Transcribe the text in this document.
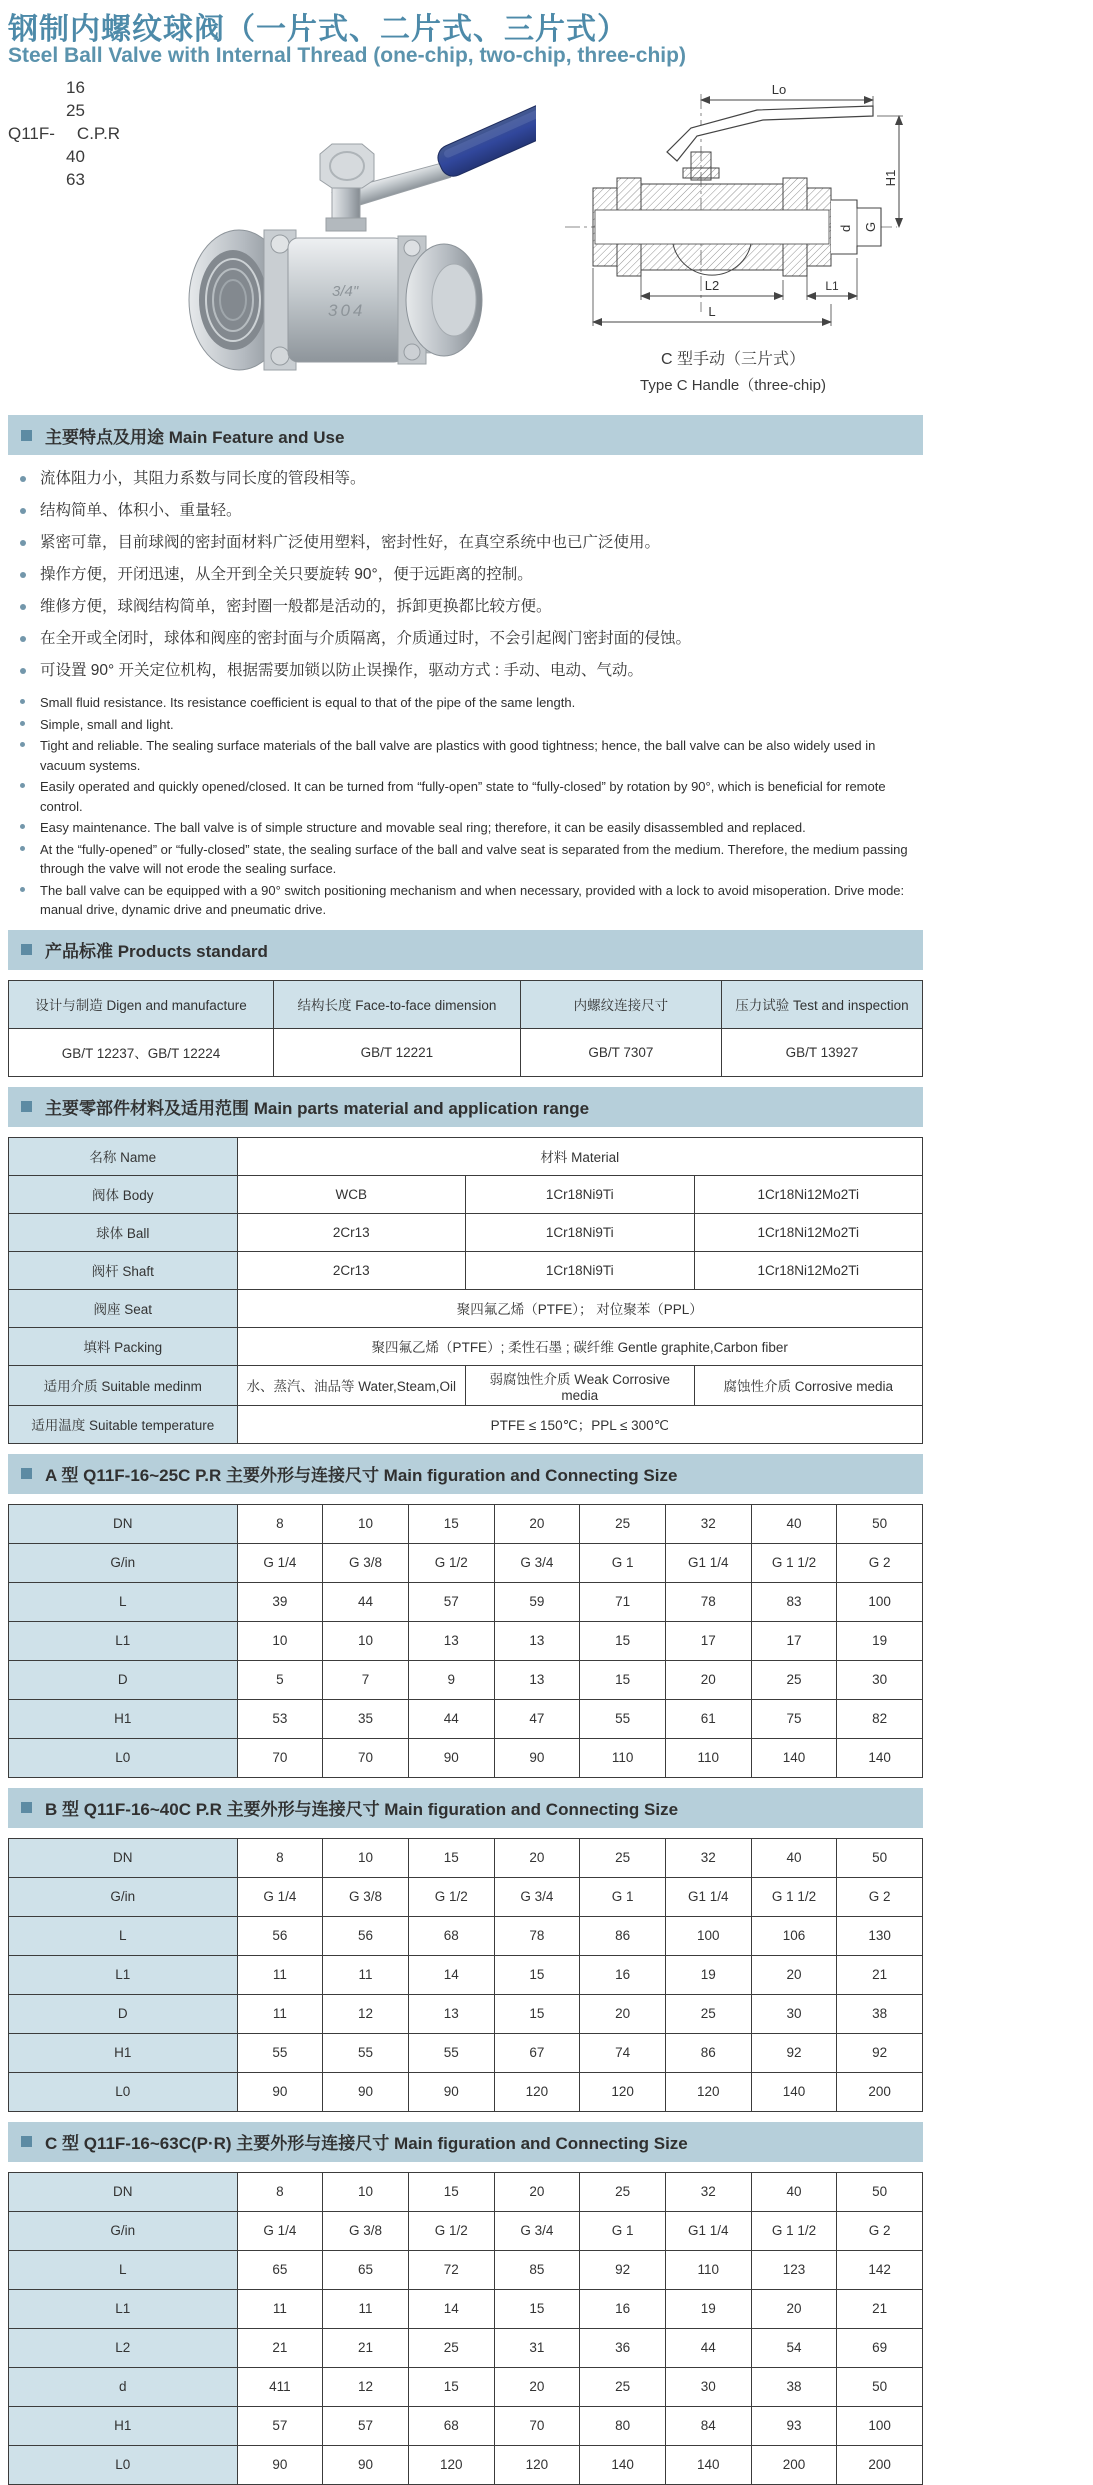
钢制内螺纹球阀（一片式、二片式、三片式）
Steel Ball Valve with Internal Thread (one-chip, two-chip, three-chip)
16
25
Q11F- C.P.R
40
63
3/4"
304
d G
Lo
H1
L2	L1
L
C 型手动（三片式）
Type C Handle（three-chip)
主要特点及用途 Main Feature and Use
流体阻力小，其阻力系数与同长度的管段相等。
结构简单、体积小、重量轻。
紧密可靠，目前球阀的密封面材料广泛使用塑料，密封性好，在真空系统中也已广泛使用。
操作方便，开闭迅速，从全开到全关只要旋转 90°，便于远距离的控制。
维修方便，球阀结构简单，密封圈一般都是活动的，拆卸更换都比较方便。
在全开或全闭时，球体和阀座的密封面与介质隔离，介质通过时，不会引起阀门密封面的侵蚀。
可设置 90° 开关定位机构，根据需要加锁以防止误操作，驱动方式 : 手动、电动、气动。
Small fluid resistance. Its resistance coefficient is equal to that of the pipe of the same length.
Simple, small and light.
Tight and reliable. The sealing surface materials of the ball valve are plastics with good tightness; hence, the ball valve can be also widely used in vacuum systems.
Easily operated and quickly opened/closed. It can be turned from “fully-open” state to “fully-closed” by rotation by 90°, which is beneficial for remote control.
Easy maintenance. The ball valve is of simple structure and movable seal ring; therefore, it can be easily disassembled and replaced.
At the “fully-opened” or “fully-closed” state, the sealing surface of the ball and valve seat is separated from the medium. Therefore, the medium passing through the valve will not erode the sealing surface.
The ball valve can be equipped with a 90° switch positioning mechanism and when necessary, provided with a lock to avoid misoperation. Drive mode: manual drive, dynamic drive and pneumatic drive.
产品标准 Products standard
设计与制造 Digen and manufacture	结构长度 Face-to-face dimension	内螺纹连接尺寸	压力试验 Test and inspection
GB/T 12237、GB/T 12224	GB/T 12221	GB/T 7307	GB/T 13927
主要零部件材料及适用范围 Main parts material and application range
名称 Name	材料 Material		
阀体 Body	WCB	1Cr18Ni9Ti	1Cr18Ni12Mo2Ti
球体 Ball	2Cr13	1Cr18Ni9Ti	1Cr18Ni12Mo2Ti
阀杆 Shaft	2Cr13	1Cr18Ni9Ti	1Cr18Ni12Mo2Ti
阀座 Seat	聚四氟乙烯（PTFE）； 对位聚苯（PPL）		
填料 Packing	聚四氟乙烯（PTFE）; 柔性石墨 ; 碳纤维 Gentle graphite,Carbon fiber		
适用介质 Suitable medinm	水、蒸汽、油品等 Water,Steam,Oil	弱腐蚀性介质 Weak Corrosive media	腐蚀性介质 Corrosive media
适用温度 Suitable temperature	PTFE ≤ 150℃；PPL ≤ 300℃		
A 型 Q11F-16~25C P.R 主要外形与连接尺寸 Main figuration and Connecting Size
DN	8	10	15	20	25	32	40	50
G/in	G 1/4	G 3/8	G 1/2	G 3/4	G 1	G1 1/4	G 1 1/2	G 2
L	39	44	57	59	71	78	83	100
L1	10	10	13	13	15	17	17	19
D	5	7	9	13	15	20	25	30
H1	53	35	44	47	55	61	75	82
L0	70	70	90	90	110	110	140	140
B 型 Q11F-16~40C P.R 主要外形与连接尺寸 Main figuration and Connecting Size
DN	8	10	15	20	25	32	40	50
G/in	G 1/4	G 3/8	G 1/2	G 3/4	G 1	G1 1/4	G 1 1/2	G 2
L	56	56	68	78	86	100	106	130
L1	11	11	14	15	16	19	20	21
D	11	12	13	15	20	25	30	38
H1	55	55	55	67	74	86	92	92
L0	90	90	90	120	120	120	140	200
C 型 Q11F-16~63C(P·R) 主要外形与连接尺寸 Main figuration and Connecting Size
DN	8	10	15	20	25	32	40	50
G/in	G 1/4	G 3/8	G 1/2	G 3/4	G 1	G1 1/4	G 1 1/2	G 2
L	65	65	72	85	92	110	123	142
L1	11	11	14	15	16	19	20	21
L2	21	21	25	31	36	44	54	69
d	411	12	15	20	25	30	38	50
H1	57	57	68	70	80	84	93	100
L0	90	90	120	120	140	140	200	200
